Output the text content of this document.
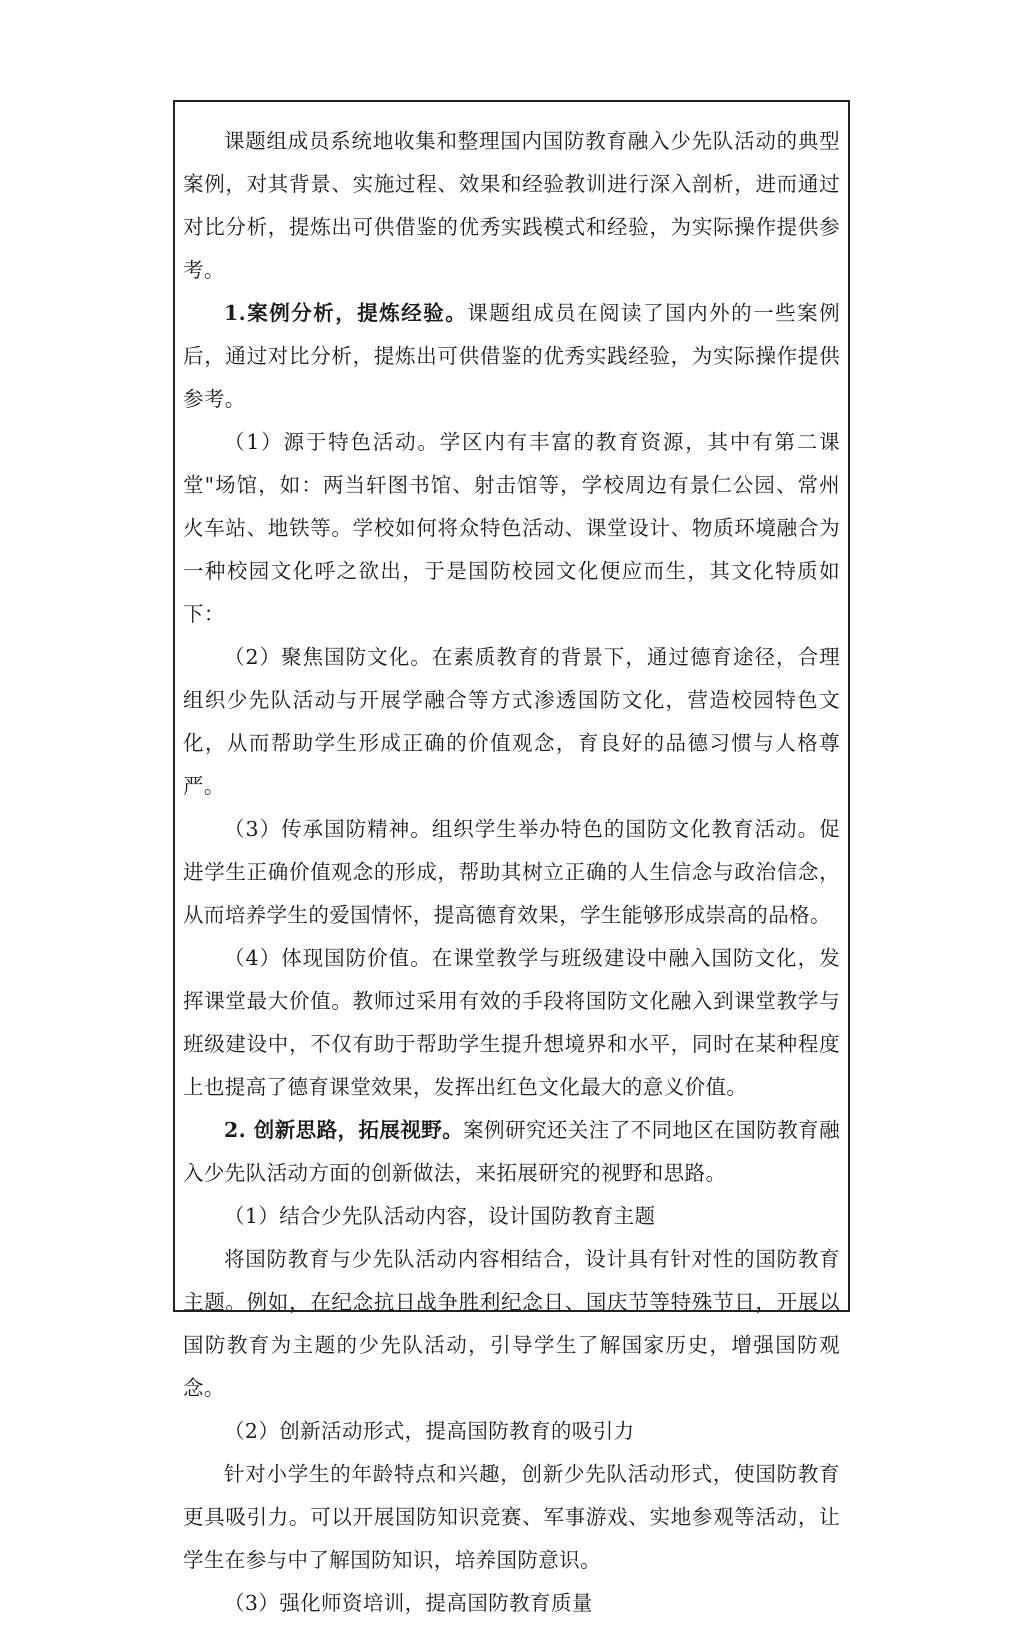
课题组成员系统地收集和整理国内国防教育融入少先队活动的典型案例，对其背景、实施过程、效果和经验教训进行深入剖析，进而通过对比分析，提炼出可供借鉴的优秀实践模式和经验，为实际操作提供参考。

1.案例分析，提炼经验。课题组成员在阅读了国内外的一些案例后，通过对比分析，提炼出可供借鉴的优秀实践经验，为实际操作提供参考。

（1）源于特色活动。学区内有丰富的教育资源，其中有第二课堂"场馆，如：两当轩图书馆、射击馆等，学校周边有景仁公园、常州火车站、地铁等。学校如何将众特色活动、课堂设计、物质环境融合为一种校园文化呼之欲出，于是国防校园文化便应而生，其文化特质如下：

（2）聚焦国防文化。在素质教育的背景下，通过德育途径，合理组织少先队活动与开展学融合等方式渗透国防文化，营造校园特色文化，从而帮助学生形成正确的价值观念，育良好的品德习惯与人格尊严。

（3）传承国防精神。组织学生举办特色的国防文化教育活动。促进学生正确价值观念的形成，帮助其树立正确的人生信念与政治信念，从而培养学生的爱国情怀，提高德育效果，学生能够形成崇高的品格。

（4）体现国防价值。在课堂教学与班级建设中融入国防文化，发挥课堂最大价值。教师过采用有效的手段将国防文化融入到课堂教学与班级建设中，不仅有助于帮助学生提升想境界和水平，同时在某种程度上也提高了德育课堂效果，发挥出红色文化最大的意义价值。

2. 创新思路，拓展视野。案例研究还关注了不同地区在国防教育融入少先队活动方面的创新做法，来拓展研究的视野和思路。

（1）结合少先队活动内容，设计国防教育主题

将国防教育与少先队活动内容相结合，设计具有针对性的国防教育主题。例如，在纪念抗日战争胜利纪念日、国庆节等特殊节日，开展以国防教育为主题的少先队活动，引导学生了解国家历史，增强国防观念。

（2）创新活动形式，提高国防教育的吸引力

针对小学生的年龄特点和兴趣，创新少先队活动形式，使国防教育更具吸引力。可以开展国防知识竞赛、军事游戏、实地参观等活动，让学生在参与中了解国防知识，培养国防意识。

（3）强化师资培训，提高国防教育质量
